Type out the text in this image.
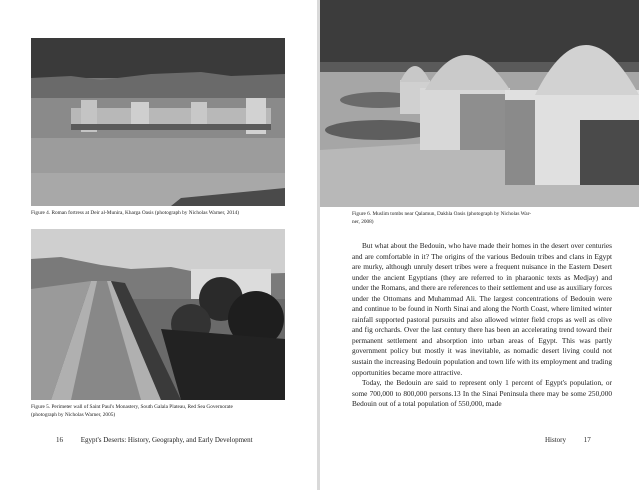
Figure 4. Roman fortress at Deir al-Munira, Kharga Oasis (photograph by Nicholas Warner, 2014)
Figure 5. Perimeter wall of Saint Paul's Monastery, South Galala Plateau, Red Sea Governorate
(photograph by Nicholas Warner, 2005)
16	Egypt's Deserts: History, Geography, and Early Development
Figure 6. Muslim tombs near Qalamun, Dakhla Oasis (photograph by Nicholas War-
ner, 2008)

But what about the Bedouin, who have made their homes in the desert over centuries and are comfortable in it? The origins of the various Bedouin tribes and clans in Egypt are murky, although unruly desert tribes were a frequent nuisance in the Eastern Desert under the ancient Egyptians (they are referred to in pharaonic texts as Medjay) and under the Romans, and there are references to their settlement and use as auxiliary forces under the Ottomans and Muhammad Ali. The largest concentrations of Bedouin were and continue to be found in North Sinai and along the North Coast, where limited winter rainfall supported pastoral pursuits and also allowed winter field crops as well as olive and fig orchards. Over the last century there has been an accelerating trend toward their permanent settlement and absorption into urban areas of Egypt. This was partly government policy but mostly it was inevitable, as nomadic desert living could not sustain the increasing Bedouin population and town life with its employment and trading opportunities became more attractive.

Today, the Bedouin are said to represent only 1 percent of Egypt's population, or some 700,000 to 800,000 persons.13 In the Sinai Peninsula there may be some 250,000 Bedouin out of a total population of 550,000, made

History	17
